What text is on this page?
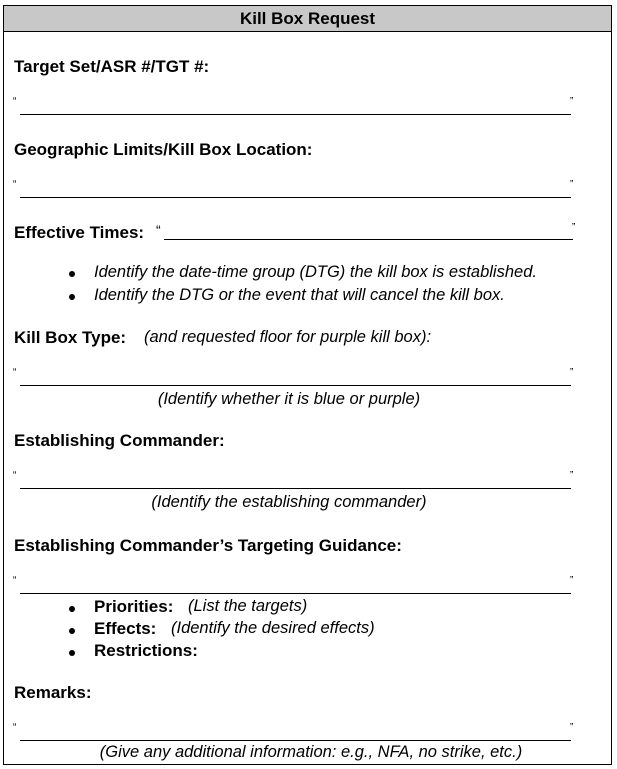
Kill Box Request
Target Set/ASR #/TGT #:
“	”
Geographic Limits/Kill Box Location:
“	”
Effective Times: “	”
Identify the date-time group (DTG) the kill box is established.
Identify the DTG or the event that will cancel the kill box.
Kill Box Type: (and requested floor for purple kill box):
“	”
(Identify whether it is blue or purple)
Establishing Commander:
“	”
(Identify the establishing commander)
Establishing Commander’s Targeting Guidance:
“	”
Priorities: (List the targets)
Effects: (Identify the desired effects)
Restrictions:
Remarks:
“	”
(Give any additional information: e.g., NFA, no strike, etc.)
